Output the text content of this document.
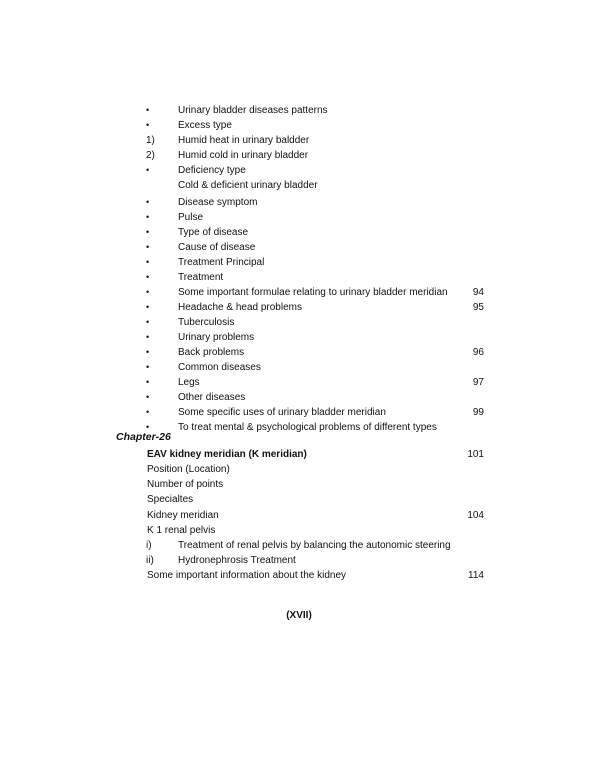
•	Urinary bladder diseases patterns
•	Excess type
1) Humid heat in urinary baldder
2) Humid cold in urinary bladder
•	Deficiency type
Cold & deficient urinary bladder
•	Disease symptom
•	Pulse
•	Type of disease
•	Cause of disease
•	Treatment Principal
•	Treatment
•	Some important formulae relating to urinary bladder meridian	94
•	Headache & head problems	95
•	Tuberculosis
•	Urinary problems
•	Back problems	96
•	Common diseases
•	Legs	97
•	Other diseases
•	Some specific uses of urinary bladder meridian	99
•	To treat mental & psychological problems of different types
Chapter-26
EAV kidney meridian (K meridian)	101
Position (Location)
Number of points
Specialtes
Kidney meridian	104
K 1 renal pelvis
i)	Treatment of renal pelvis by balancing the autonomic steering
ii) Hydronephrosis Treatment
Some important information about the kidney	114
(XVII)
